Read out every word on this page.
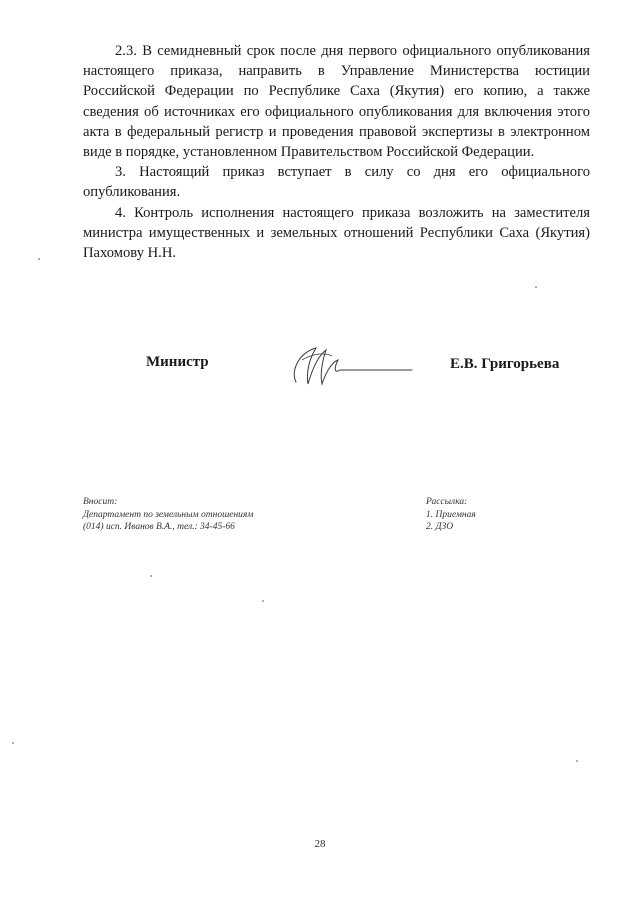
2.3. В семидневный срок после дня первого официального опубликования настоящего приказа, направить в Управление Министерства юстиции Российской Федерации по Республике Саха (Якутия) его копию, а также сведения об источниках его официального опубликования для включения этого акта в федеральный регистр и проведения правовой экспертизы в электронном виде в порядке, установленном Правительством Российской Федерации.

3. Настоящий приказ вступает в силу со дня его официального опубликования.

4. Контроль исполнения настоящего приказа возложить на заместителя министра имущественных и земельных отношений Республики Саха (Якутия) Пахомову Н.Н.

Министр	Е.В. Григорьева
Вносит:
Департамент по земельным отношениям
(014) исп. Иванов В.А., тел.: 34-45-66
Рассылка:
1. Приемная
2. ДЗО
28
